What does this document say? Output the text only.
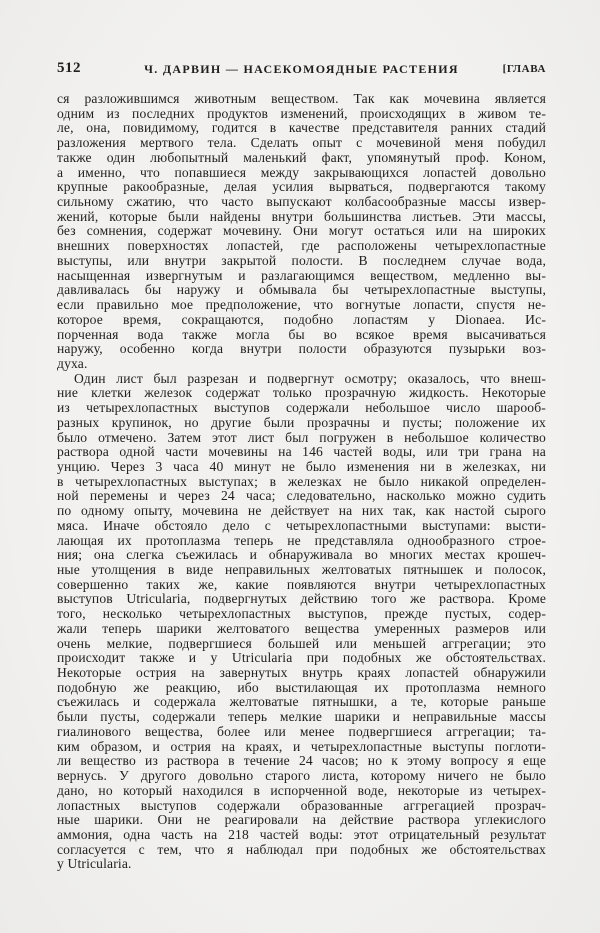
512	Ч. ДАРВИН — НАСЕКОМОЯДНЫЕ РАСТЕНИЯ	[ГЛАВА
ся разложившимся животным веществом. Так как мочевина является
одним из последних продуктов изменений, происходящих в живом те-
ле, она, повидимому, годится в качестве представителя ранних стадий
разложения мертвого тела. Сделать опыт с мочевиной меня побудил
также один любопытный маленький факт, упомянутый проф. Коном,
а именно, что попавшиеся между закрывающихся лопастей довольно
крупные ракообразные, делая усилия вырваться, подвергаются такому
сильному сжатию, что часто выпускают колбасообразные массы извер-
жений, которые были найдены внутри большинства листьев. Эти массы,
без сомнения, содержат мочевину. Они могут остаться или на широких
внешних поверхностях лопастей, где расположены четырехлопастные
выступы, или внутри закрытой полости. В последнем случае вода,
насыщенная извергнутым и разлагающимся веществом, медленно вы-
давливалась бы наружу и обмывала бы четырехлопастные выступы,
если правильно мое предположение, что вогнутые лопасти, спустя не-
которое время, сокращаются, подобно лопастям у Dionaea. Ис-
порченная вода также могла бы во всякое время высачиваться
наружу, особенно когда внутри полости образуются пузырьки воз-
духа.
Один лист был разрезан и подвергнут осмотру; оказалось, что внеш-
ние клетки железок содержат только прозрачную жидкость. Некоторые
из четырехлопастных выступов содержали небольшое число шарооб-
разных крупинок, но другие были прозрачны и пусты; положение их
было отмечено. Затем этот лист был погружен в небольшое количество
раствора одной части мочевины на 146 частей воды, или три грана на
унцию. Через 3 часа 40 минут не было изменения ни в железках, ни
в четырехлопастных выступах; в железках не было никакой определен-
ной перемены и через 24 часа; следовательно, насколько можно судить
по одному опыту, мочевина не действует на них так, как настой сырого
мяса. Иначе обстояло дело с четырехлопастными выступами: высти-
лающая их протоплазма теперь не представляла однообразного строе-
ния; она слегка съежилась и обнаруживала во многих местах крошеч-
ные утолщения в виде неправильных желтоватых пятнышек и полосок,
совершенно таких же, какие появляются внутри четырехлопастных
выступов Utricularia, подвергнутых действию того же раствора. Кроме
того, несколько четырехлопастных выступов, прежде пустых, содер-
жали теперь шарики желтоватого вещества умеренных размеров или
очень мелкие, подвергшиеся большей или меньшей аггрегации; это
происходит также и у Utricularia при подобных же обстоятельствах.
Некоторые острия на завернутых внутрь краях лопастей обнаружили
подобную же реакцию, ибо выстилающая их протоплазма немного
съежилась и содержала желтоватые пятнышки, а те, которые раньше
были пусты, содержали теперь мелкие шарики и неправильные массы
гиалинового вещества, более или менее подвергшиеся аггрегации; та-
ким образом, и острия на краях, и четырехлопастные выступы поглоти-
ли вещество из раствора в течение 24 часов; но к этому вопросу я еще
вернусь. У другого довольно старого листа, которому ничего не было
дано, но который находился в испорченной воде, некоторые из четырех-
лопастных выступов содержали образованные аггрегацией прозрач-
ные шарики. Они не реагировали на действие раствора углекислого
аммония, одна часть на 218 частей воды: этот отрицательный результат
согласуется с тем, что я наблюдал при подобных же обстоятельствах
у Utricularia.
